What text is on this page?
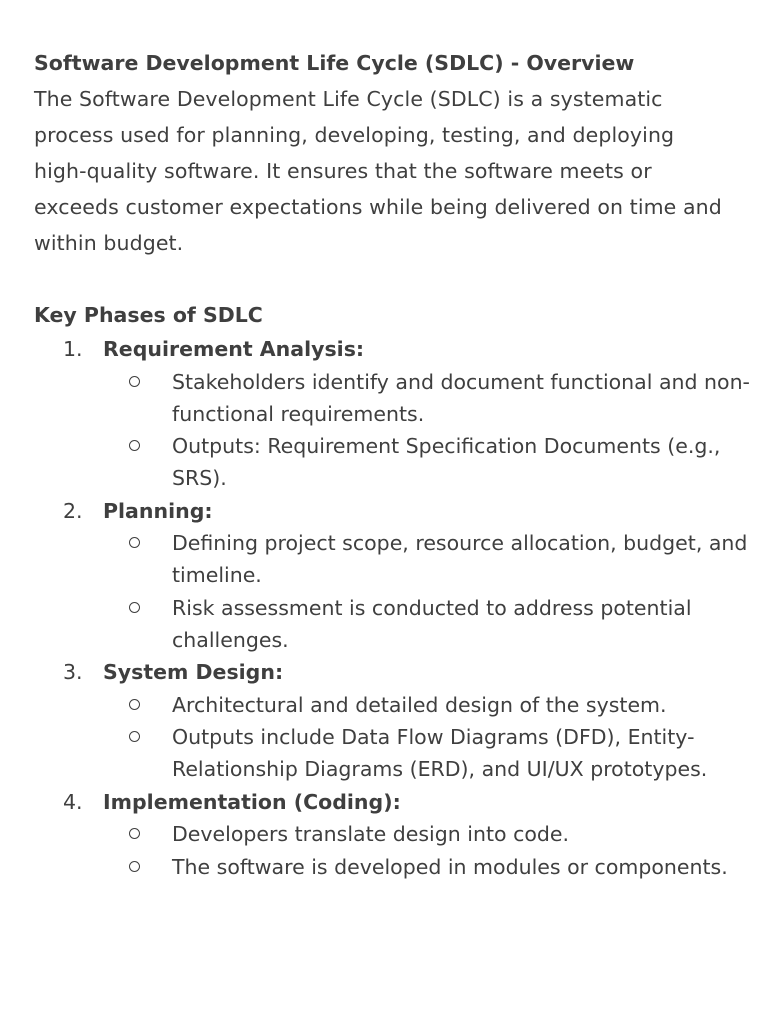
Software Development Life Cycle (SDLC) - Overview

The Software Development Life Cycle (SDLC) is a systematic process used for planning, developing, testing, and deploying high-quality software. It ensures that the software meets or exceeds customer expectations while being delivered on time and within budget.

Key Phases of SDLC
1. Requirement Analysis:
Stakeholders identify and document functional and non-functional requirements.
Outputs: Requirement Specification Documents (e.g., SRS).
2. Planning:
Defining project scope, resource allocation, budget, and timeline.
Risk assessment is conducted to address potential challenges.
3. System Design:
Architectural and detailed design of the system.
Outputs include Data Flow Diagrams (DFD), Entity-Relationship Diagrams (ERD), and UI/UX prototypes.
4. Implementation (Coding):
Developers translate design into code.
The software is developed in modules or components.
